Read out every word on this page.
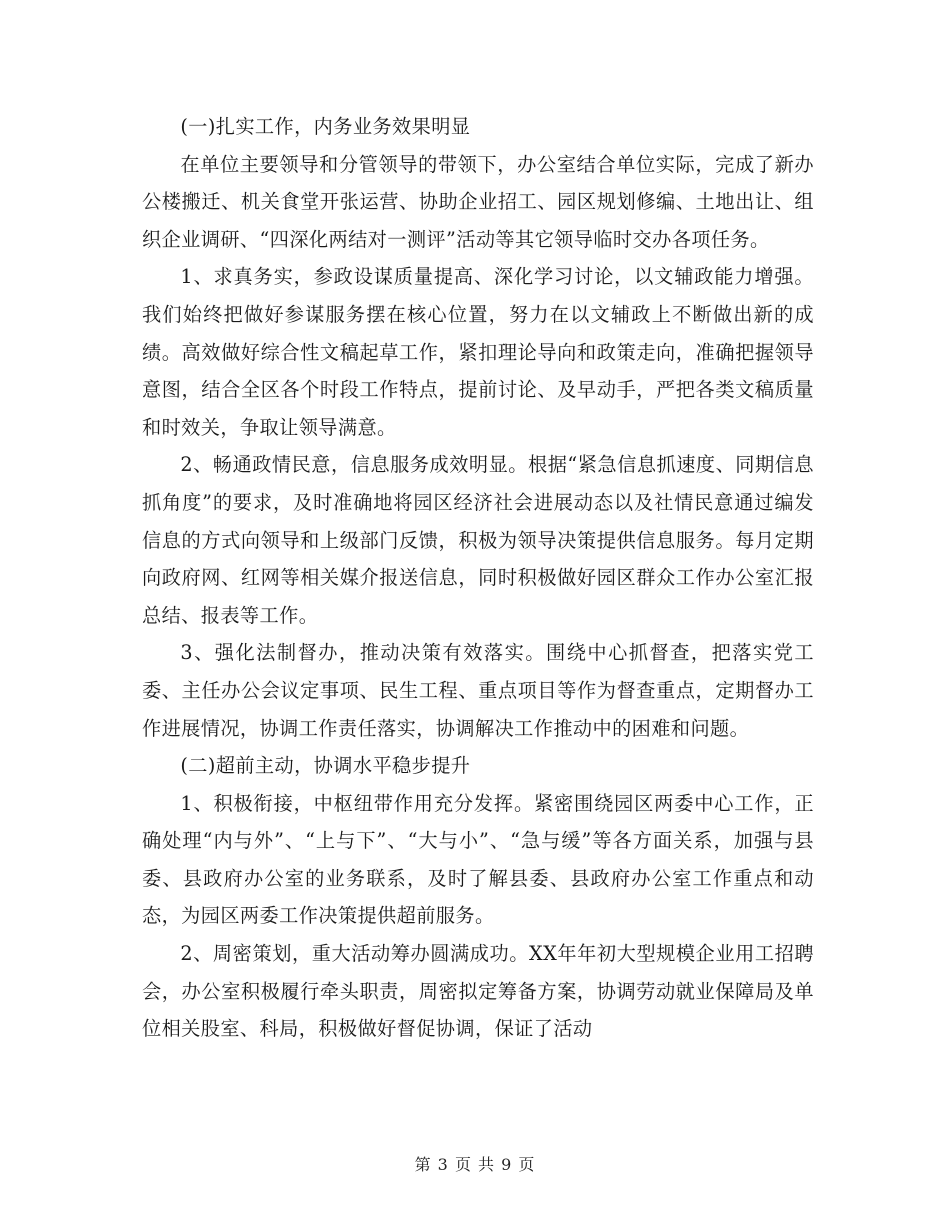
(一)扎实工作，内务业务效果明显

在单位主要领导和分管领导的带领下，办公室结合单位实际，完成了新办公楼搬迁、机关食堂开张运营、协助企业招工、园区规划修编、土地出让、组织企业调研、“四深化两结对一测评”活动等其它领导临时交办各项任务。

1、求真务实，参政设谋质量提高、深化学习讨论，以文辅政能力增强。我们始终把做好参谋服务摆在核心位置，努力在以文辅政上不断做出新的成绩。高效做好综合性文稿起草工作，紧扣理论导向和政策走向，准确把握领导意图，结合全区各个时段工作特点，提前讨论、及早动手，严把各类文稿质量和时效关，争取让领导满意。

2、畅通政情民意，信息服务成效明显。根据“紧急信息抓速度、同期信息抓角度”的要求，及时准确地将园区经济社会进展动态以及社情民意通过编发信息的方式向领导和上级部门反馈，积极为领导决策提供信息服务。每月定期向政府网、红网等相关媒介报送信息，同时积极做好园区群众工作办公室汇报总结、报表等工作。

3、强化法制督办，推动决策有效落实。围绕中心抓督查，把落实党工委、主任办公会议定事项、民生工程、重点项目等作为督查重点，定期督办工作进展情况，协调工作责任落实，协调解决工作推动中的困难和问题。

(二)超前主动，协调水平稳步提升

1、积极衔接，中枢纽带作用充分发挥。紧密围绕园区两委中心工作，正确处理“内与外”、“上与下”、“大与小”、“急与缓”等各方面关系，加强与县委、县政府办公室的业务联系，及时了解县委、县政府办公室工作重点和动态，为园区两委工作决策提供超前服务。

2、周密策划，重大活动筹办圆满成功。XX年年初大型规模企业用工招聘会，办公室积极履行牵头职责，周密拟定筹备方案，协调劳动就业保障局及单位相关股室、科局，积极做好督促协调，保证了活动

第 3 页 共 9 页
